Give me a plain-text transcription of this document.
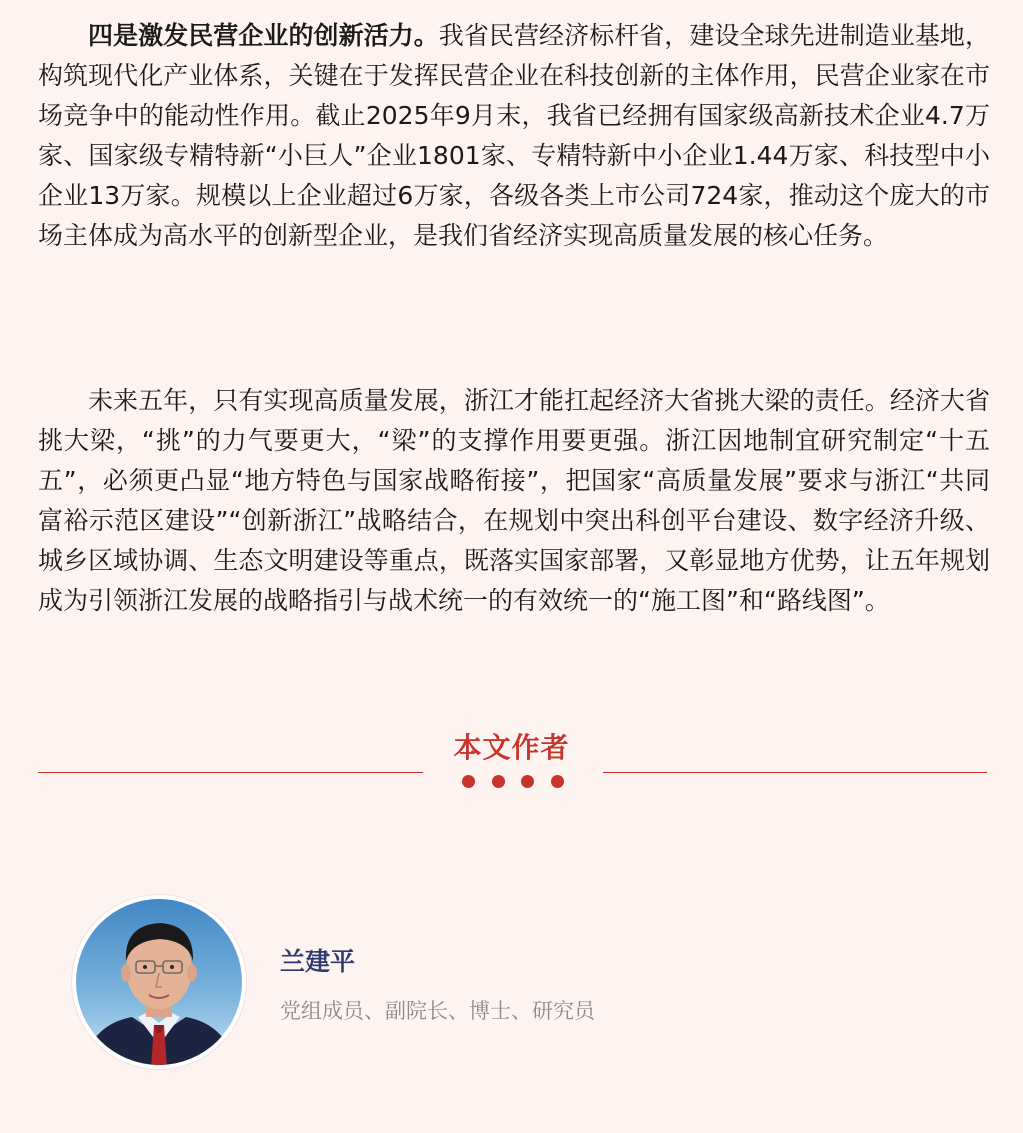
四是激发民营企业的创新活力。我省民营经济标杆省，建设全球先进制造业基地，构筑现代化产业体系，关键在于发挥民营企业在科技创新的主体作用，民营企业家在市场竞争中的能动性作用。截止2025年9月末，我省已经拥有国家级高新技术企业4.7万家、国家级专精特新“小巨人”企业1801家、专精特新中小企业1.44万家、科技型中小企业13万家。规模以上企业超过6万家，各级各类上市公司724家，推动这个庞大的市场主体成为高水平的创新型企业，是我们省经济实现高质量发展的核心任务。

未来五年，只有实现高质量发展，浙江才能扛起经济大省挑大梁的责任。经济大省挑大梁，“挑”的力气要更大，“梁”的支撑作用要更强。浙江因地制宜研究制定“十五五”，必须更凸显“地方特色与国家战略衔接”，把国家“高质量发展”要求与浙江“共同富裕示范区建设”“创新浙江”战略结合，在规划中突出科创平台建设、数字经济升级、城乡区域协调、生态文明建设等重点，既落实国家部署，又彰显地方优势，让五年规划成为引领浙江发展的战略指引与战术统一的有效统一的“施工图”和“路线图”。

本文作者
兰建平
党组成员、副院长、博士、研究员
